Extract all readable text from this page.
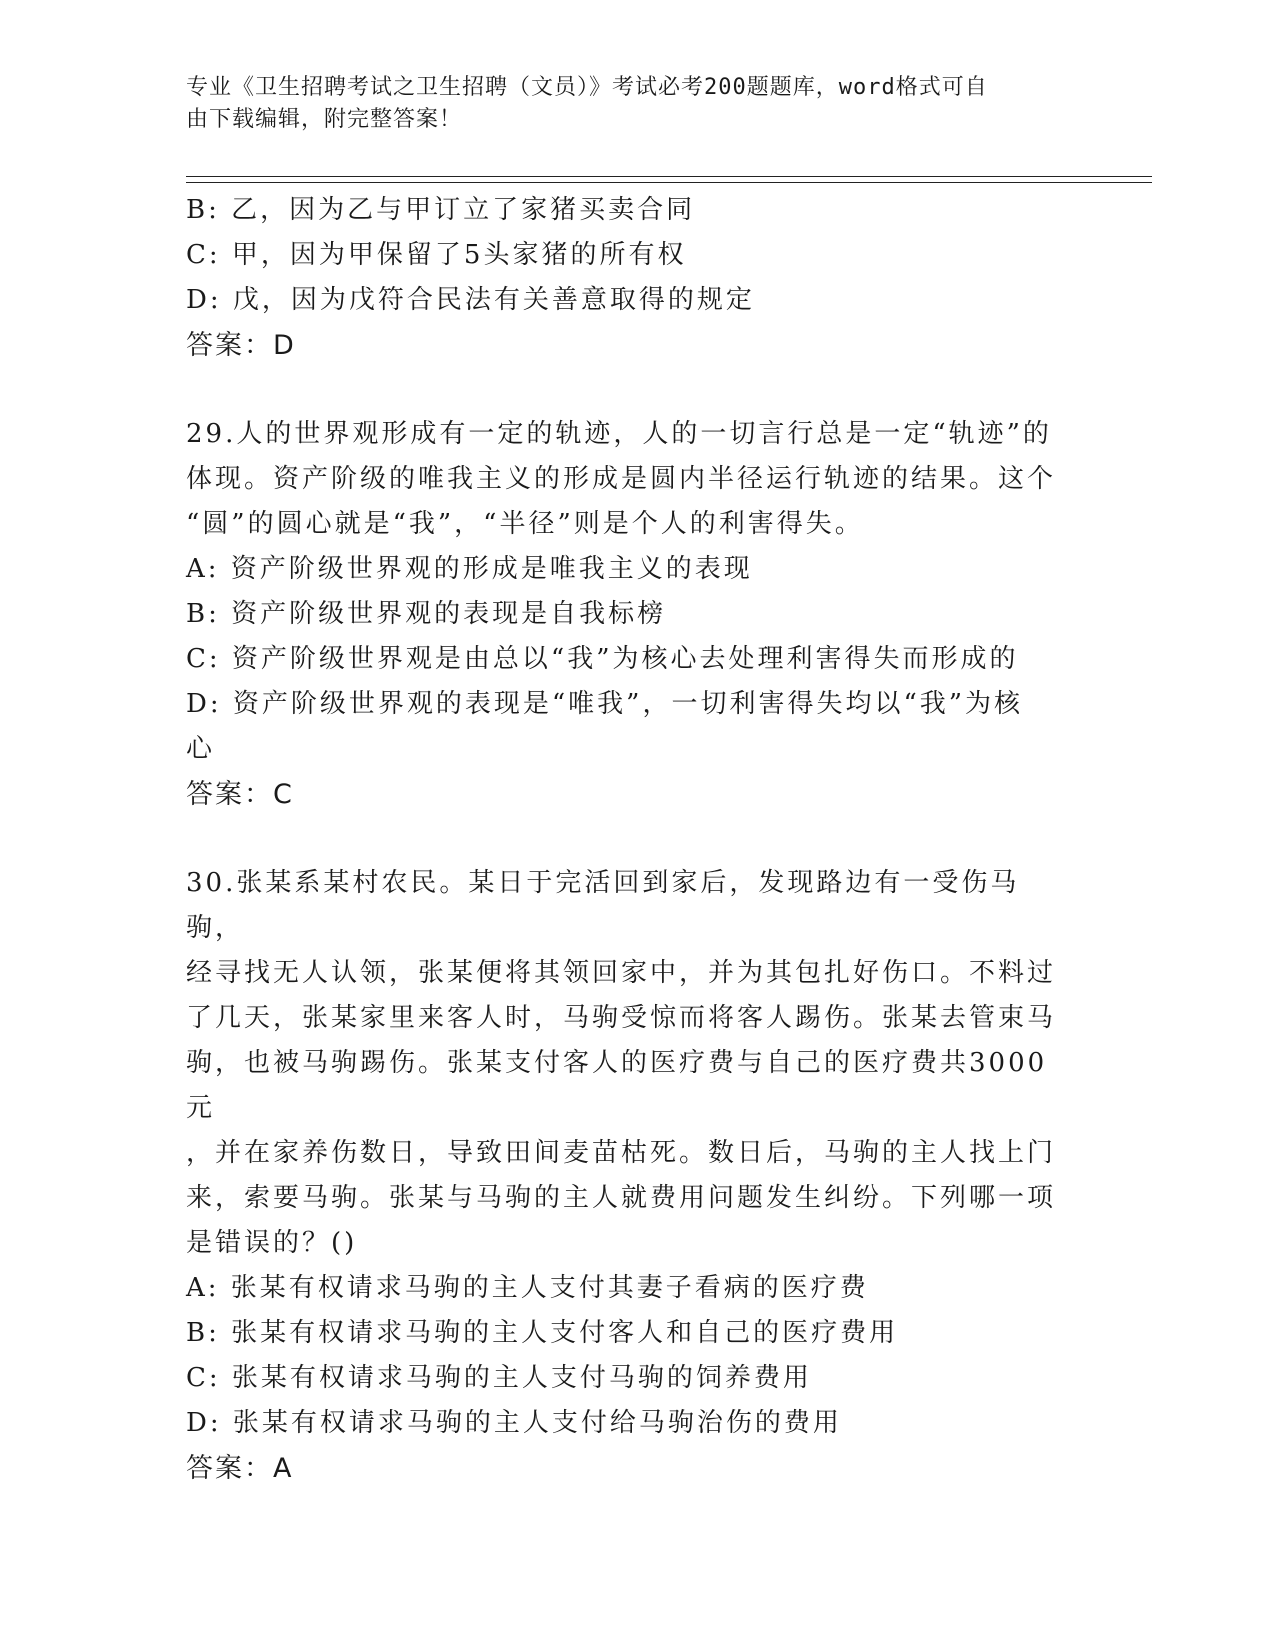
专业《卫生招聘考试之卫生招聘（文员）》考试必考200题题库，word格式可自
由下载编辑，附完整答案！
B: 乙，因为乙与甲订立了家猪买卖合同
C: 甲，因为甲保留了5头家猪的所有权
D: 戊，因为戊符合民法有关善意取得的规定
答案：D
29.人的世界观形成有一定的轨迹，人的一切言行总是一定“轨迹”的
体现。资产阶级的唯我主义的形成是圆内半径运行轨迹的结果。这个
“圆”的圆心就是“我”，“半径”则是个人的利害得失。
A: 资产阶级世界观的形成是唯我主义的表现
B: 资产阶级世界观的表现是自我标榜
C: 资产阶级世界观是由总以“我”为核心去处理利害得失而形成的
D: 资产阶级世界观的表现是“唯我”，一切利害得失均以“我”为核
心
答案：C
30.张某系某村农民。某日于完活回到家后，发现路边有一受伤马驹，
经寻找无人认领，张某便将其领回家中，并为其包扎好伤口。不料过
了几天，张某家里来客人时，马驹受惊而将客人踢伤。张某去管束马
驹，也被马驹踢伤。张某支付客人的医疗费与自己的医疗费共3000元
，并在家养伤数日，导致田间麦苗枯死。数日后，马驹的主人找上门
来，索要马驹。张某与马驹的主人就费用问题发生纠纷。下列哪一项
是错误的？()
A: 张某有权请求马驹的主人支付其妻子看病的医疗费
B: 张某有权请求马驹的主人支付客人和自己的医疗费用
C: 张某有权请求马驹的主人支付马驹的饲养费用
D: 张某有权请求马驹的主人支付给马驹治伤的费用
答案：A
